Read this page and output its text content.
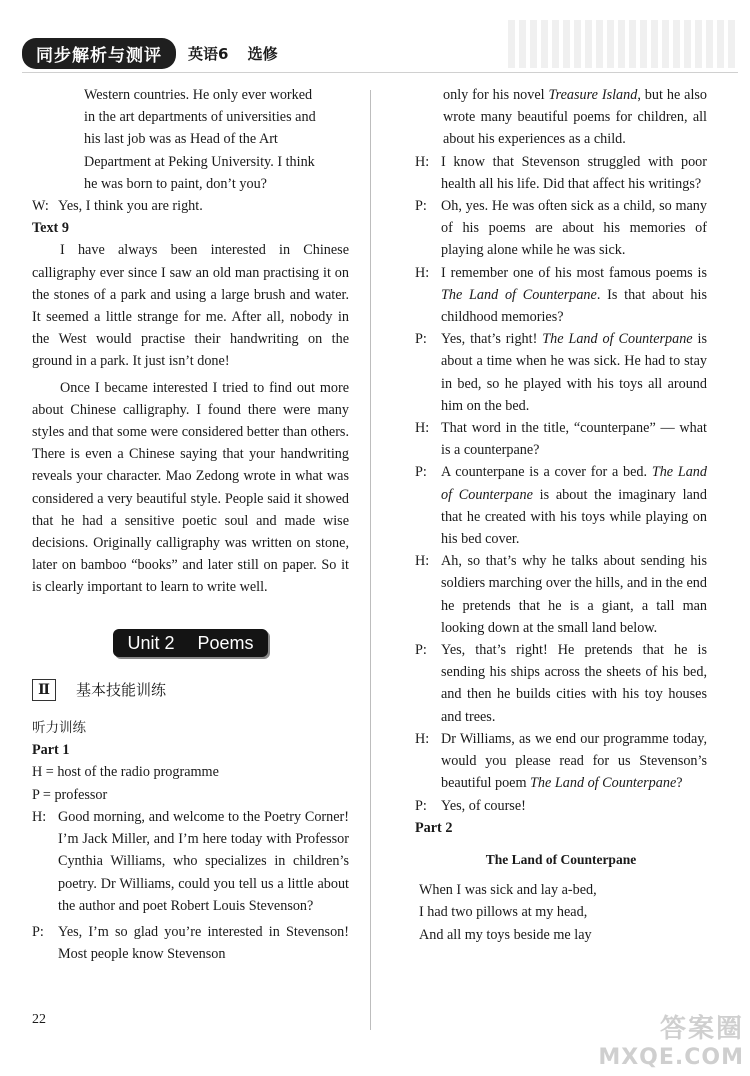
同步解析与测评	英语6 选修

Western countries. He only ever worked

in the art departments of universities and

his last job was as Head of the Art

Department at Peking University. I think

he was born to paint, don’t you?

W: Yes, I think you are right.

Text 9

I have always been interested in Chinese calligraphy ever since I saw an old man practising it on the stones of a park and using a large brush and water. It seemed a little strange for me. After all, nobody in the West would practise their handwriting on the ground in a park. It just isn’t done!

Once I became interested I tried to find out more about Chinese calligraphy. I found there were many styles and that some were considered better than others. There is even a Chinese saying that your handwriting reveals your character. Mao Zedong wrote in what was considered a very beautiful style. People said it showed that he had a sensitive poetic soul and made wise decisions. Originally calligraphy was written on stone, later on bamboo “books” and later still on paper. So it is clearly important to learn to write well.

Unit 2 Poems
Ⅱ	基本技能训练

听力训练

Part 1

H = host of the radio programme

P = professor

H: Good morning, and welcome to the Poetry Corner! I’m Jack Miller, and I’m here today with Professor Cynthia Williams, who specializes in children’s poetry. Dr Williams, could you tell us a little about the author and poet Robert Louis Stevenson?
P: Yes, I’m so glad you’re interested in Stevenson! Most people know Stevenson

only for his novel Treasure Island, but he also wrote many beautiful poems for children, all about his experiences as a child.

H: I know that Stevenson struggled with poor health all his life. Did that affect his writings?
P: Oh, yes. He was often sick as a child, so many of his poems are about his memories of playing alone while he was sick.
H: I remember one of his most famous poems is The Land of Counterpane. Is that about his childhood memories?
P: Yes, that’s right! The Land of Counterpane is about a time when he was sick. He had to stay in bed, so he played with his toys all around him on the bed.
H: That word in the title, “counterpane” — what is a counterpane?
P: A counterpane is a cover for a bed. The Land of Counterpane is about the imaginary land that he created with his toys while playing on his bed cover.
H: Ah, so that’s why he talks about sending his soldiers marching over the hills, and in the end he pretends that he is a giant, a tall man looking down at the small land below.
P: Yes, that’s right! He pretends that he is sending his ships across the sheets of his bed, and then he builds cities with his toy houses and trees.
H: Dr Williams, as we end our programme today, would you please read for us Stevenson’s beautiful poem The Land of Counterpane?
P: Yes, of course!

Part 2

The Land of Counterpane

When I was sick and lay a-bed,

I had two pillows at my head,

And all my toys beside me lay

22	答案圈
MXQE.COM
